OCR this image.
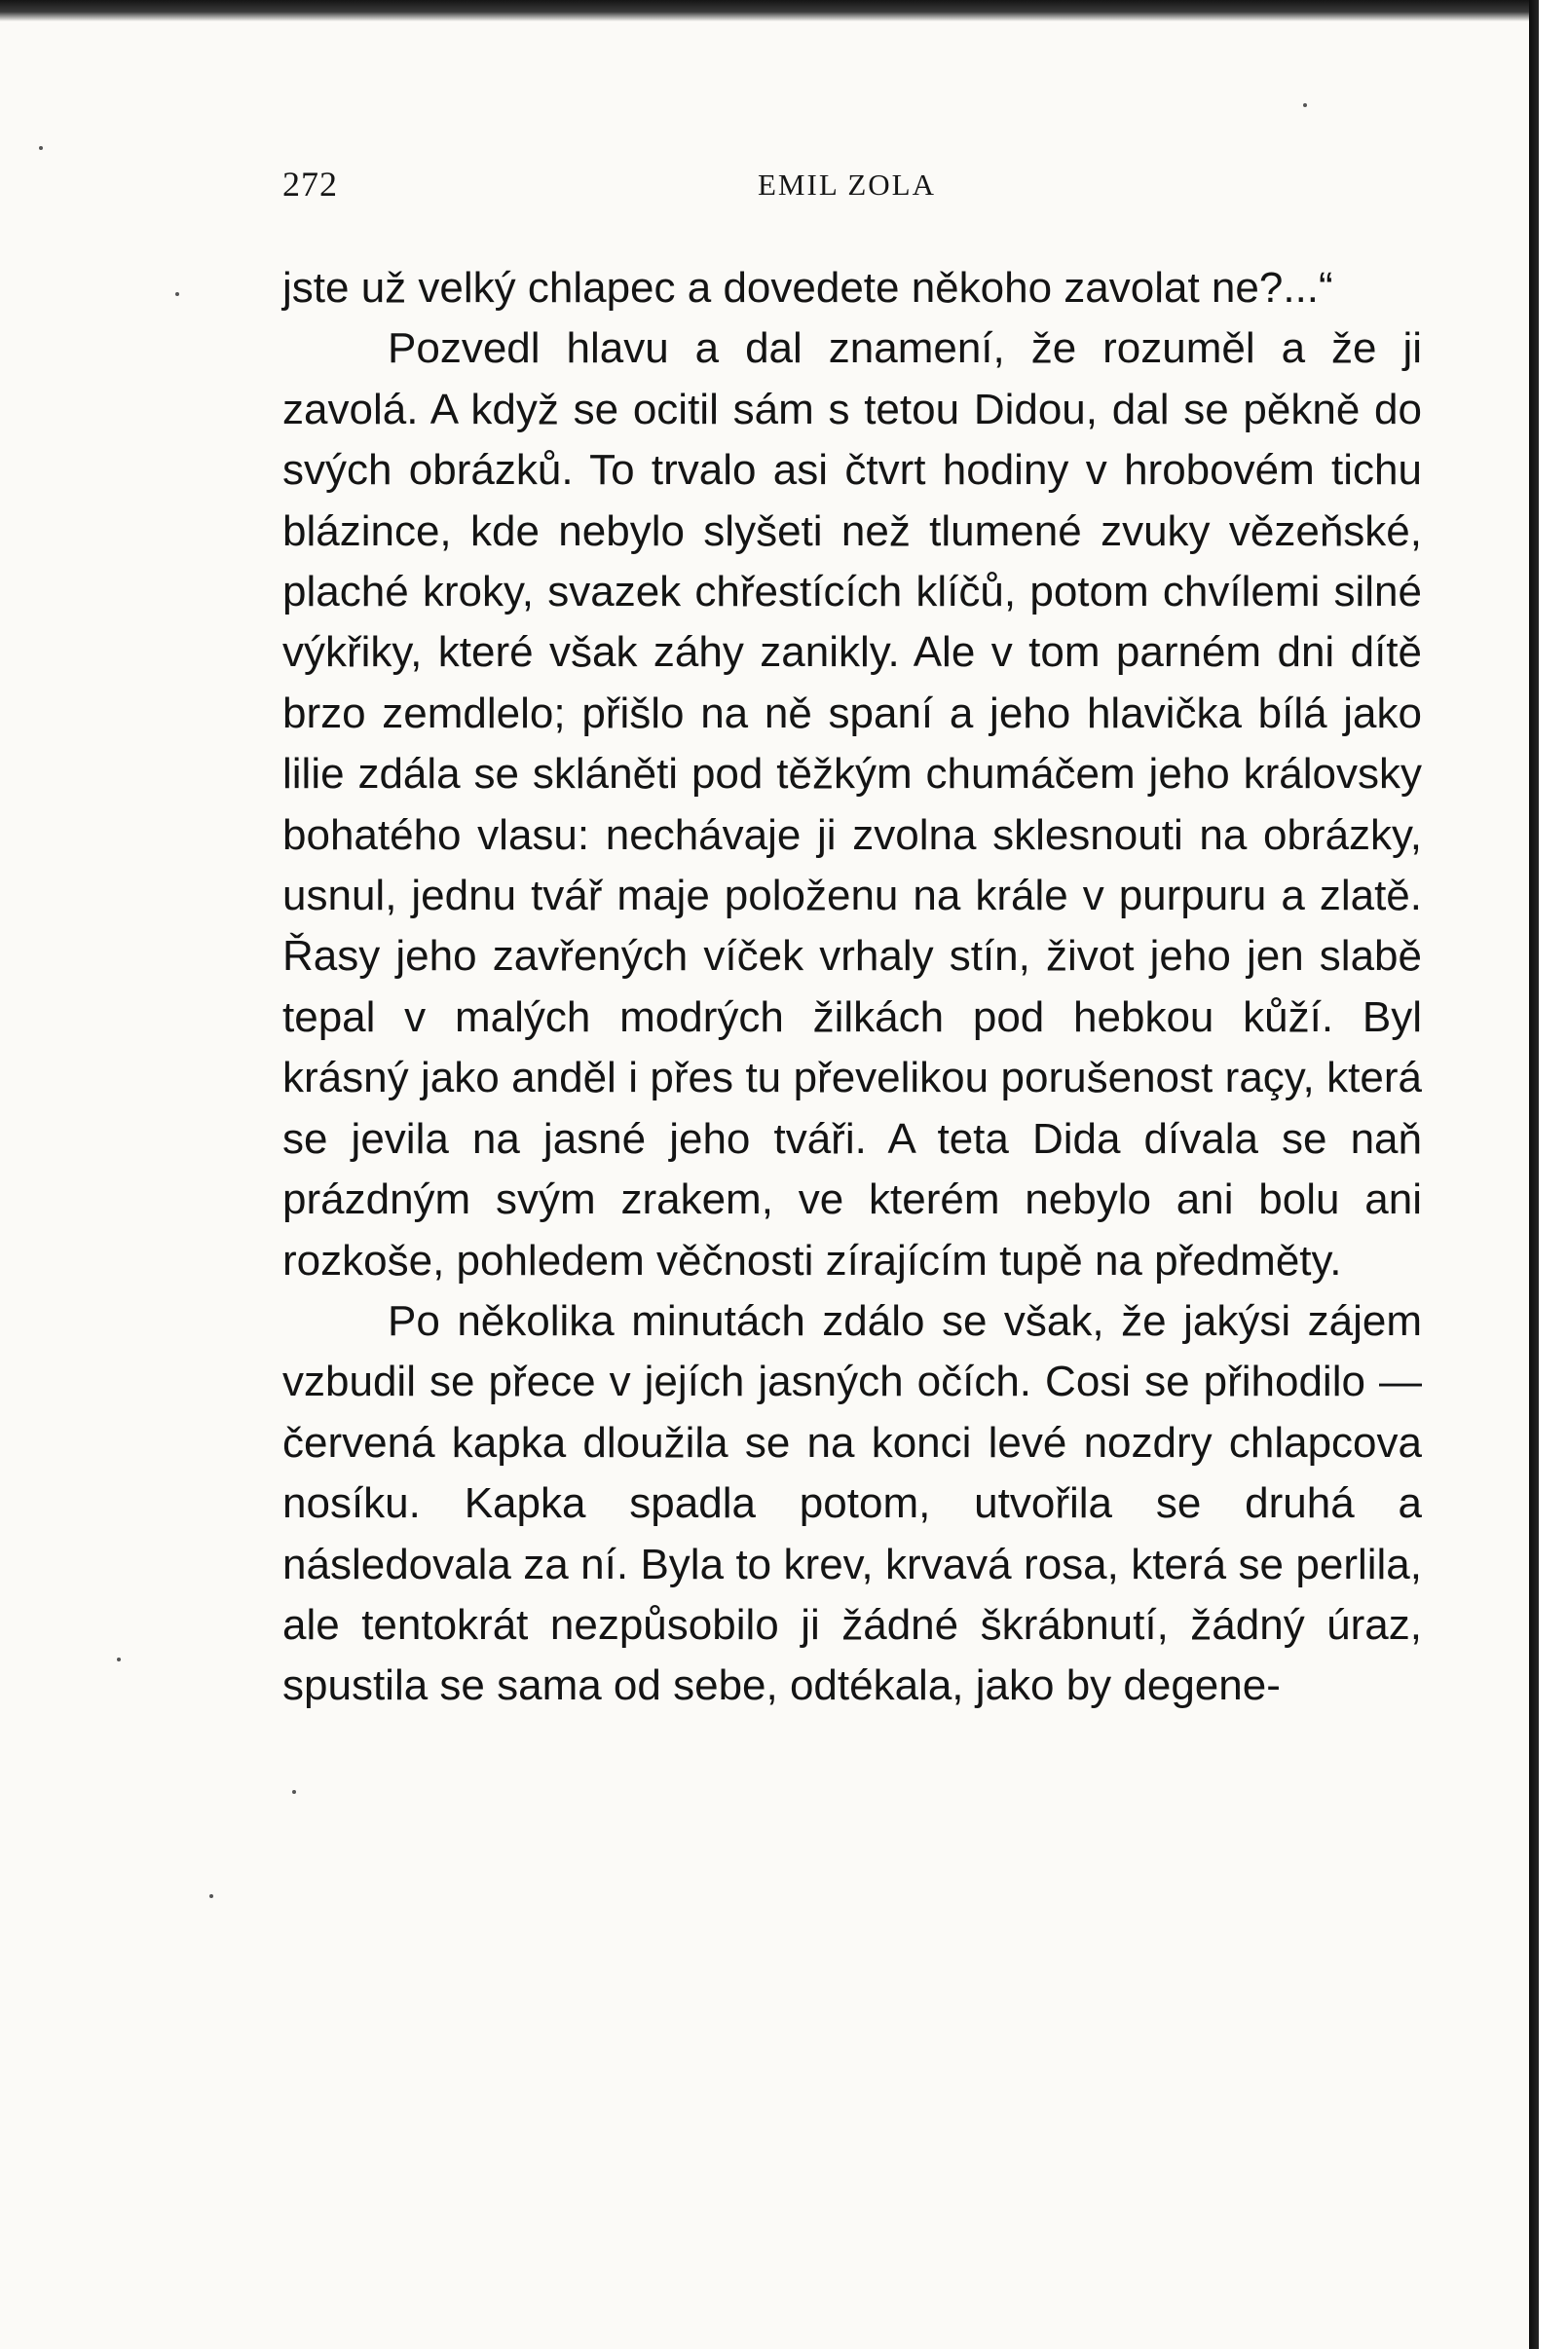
272	EMIL ZOLA

jste už velký chlapec a dovedete někoho zavolat ne?...“

Pozvedl hlavu a dal znamení, že rozuměl a že ji zavolá. A když se ocitil sám s tetou Didou, dal se pěkně do svých obrázků. To trvalo asi čtvrt hodiny v hrobovém tichu blázince, kde nebylo slyšeti než tlumené zvuky vězeňské, plaché kroky, svazek chřestících klíčů, potom chvílemi silné výkřiky, které však záhy zanikly. Ale v tom parném dni dítě brzo zemdlelo; přišlo na ně spaní a jeho hlavička bílá jako lilie zdála se skláněti pod těžkým chumáčem jeho královsky bohatého vlasu: nechávaje ji zvolna sklesnouti na obrázky, usnul, jednu tvář maje položenu na krále v purpuru a zlatě. Řasy jeho zavřených víček vrhaly stín, život jeho jen slabě tepal v malých modrých žilkách pod hebkou kůží. Byl krásný jako anděl i přes tu převelikou porušenost raçy, která se jevila na jasné jeho tváři. A teta Dida dívala se naň prázdným svým zrakem, ve kterém nebylo ani bolu ani rozkoše, pohledem věčnosti zírajícím tupě na předměty.

Po několika minutách zdálo se však, že jakýsi zájem vzbudil se přece v jejích jasných očích. Cosi se přihodilo — červená kapka dloužila se na konci levé nozdry chlapcova nosíku. Kapka spadla potom, utvořila se druhá a následovala za ní. Byla to krev, krvavá rosa, která se perlila, ale tentokrát nezpůsobilo ji žádné škrábnutí, žádný úraz, spustila se sama od sebe, odtékala, jako by degene-
